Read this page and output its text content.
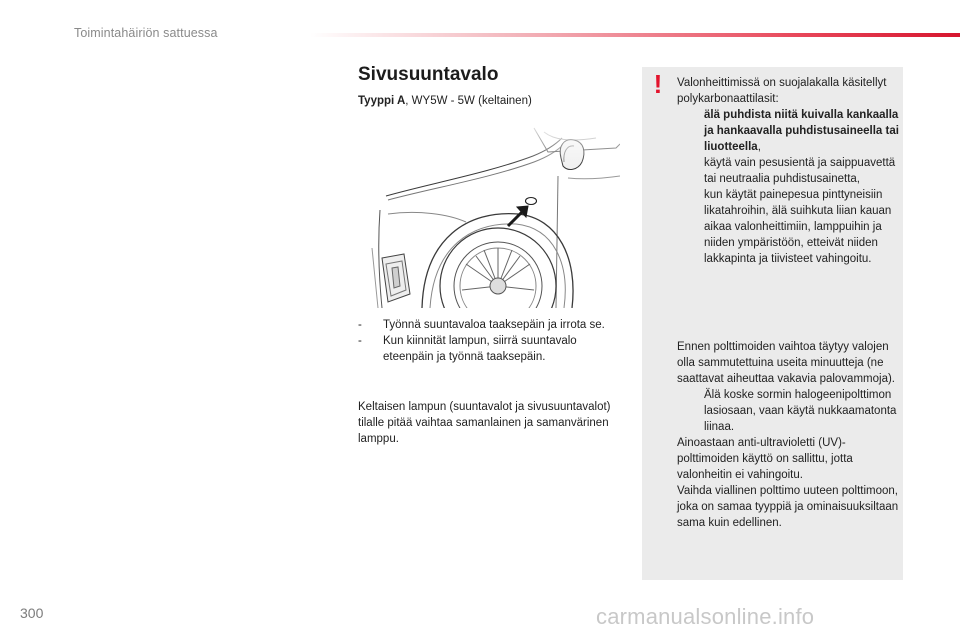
Toimintahäiriön sattuessa
Sivusuuntavalo
Tyyppi A, WY5W - 5W (keltainen)
- Työnnä suuntavaloa taaksepäin ja irrota se.
- Kun kiinnität lampun, siirrä suuntavalo eteenpäin ja työnnä taaksepäin.
Keltaisen lampun (suuntavalot ja sivusuuntavalot) tilalle pitää vaihtaa samanlainen ja samanvärinen lamppu.
!	Valonheittimissä on suojalakalla käsitellyt polykarbonaattilasit:
älä puhdista niitä kuivalla kankaalla ja hankaavalla puhdistusaineella tai liuotteella,
käytä vain pesusientä ja saippuavettä tai neutraalia puhdistusainetta,
kun käytät painepesua pinttyneisiin likatahroihin, älä suihkuta liian kauan aikaa valonheittimiin, lamppuihin ja niiden ympäristöön, etteivät niiden lakkapinta ja tiivisteet vahingoitu.
Ennen polttimoiden vaihtoa täytyy valojen olla sammutettuina useita minuutteja (ne saattavat aiheuttaa vakavia palovammoja).
Älä koske sormin halogeenipolttimon lasiosaan, vaan käytä nukkaamatonta liinaa.
Ainoastaan anti-ultravioletti (UV)-polttimoiden käyttö on sallittu, jotta valonheitin ei vahingoitu.
Vaihda viallinen polttimo uuteen polttimoon, joka on samaa tyyppiä ja ominaisuuksiltaan sama kuin edellinen.
300	carmanualsonline.info
